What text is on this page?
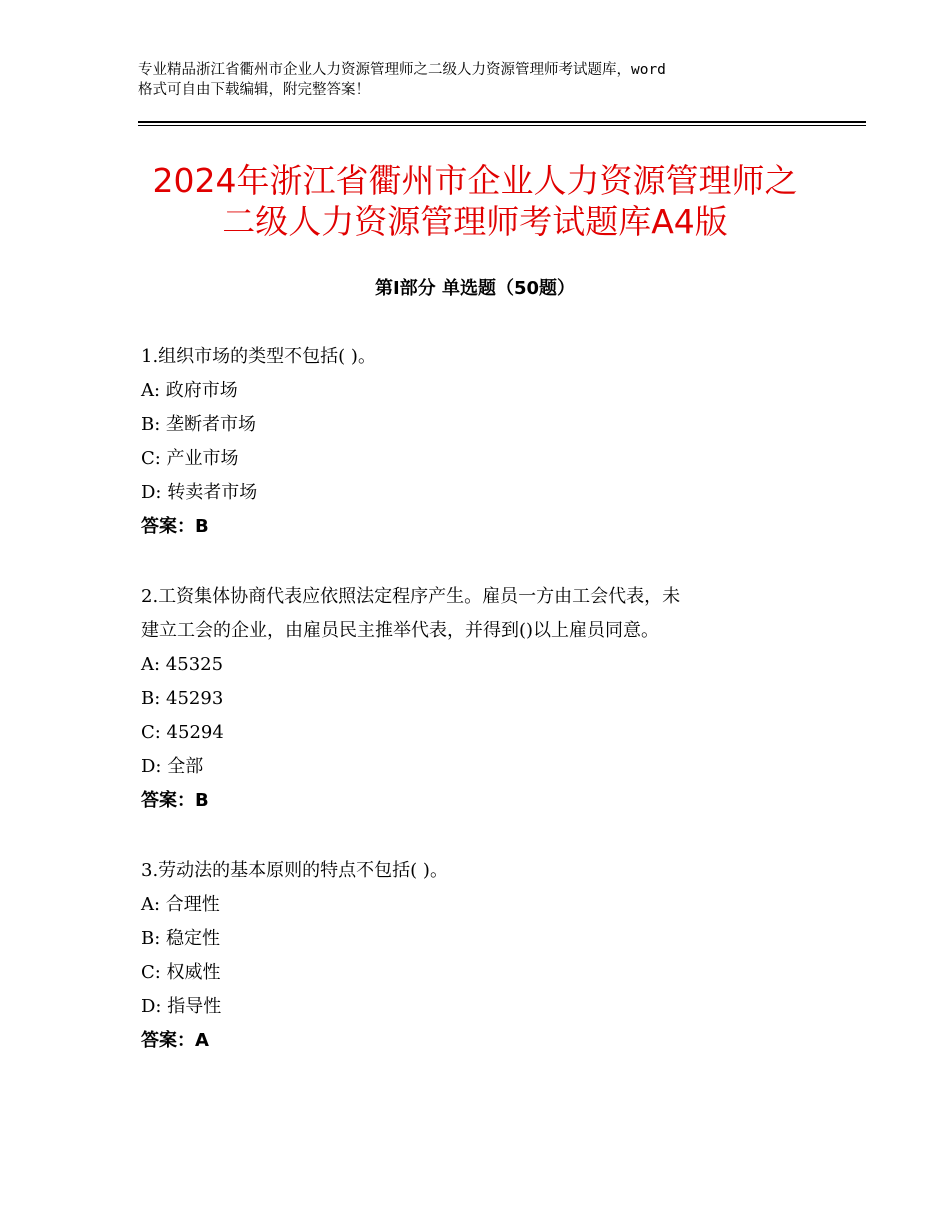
专业精品浙江省衢州市企业人力资源管理师之二级人力资源管理师考试题库，word
格式可自由下载编辑，附完整答案！
2024年浙江省衢州市企业人力资源管理师之
二级人力资源管理师考试题库A4版
第Ⅰ部分 单选题（50题）
1.组织市场的类型不包括( )。
A: 政府市场
B: 垄断者市场
C: 产业市场
D: 转卖者市场
答案：B
2.工资集体协商代表应依照法定程序产生。雇员一方由工会代表，未
建立工会的企业，由雇员民主推举代表，并得到()以上雇员同意。
A: 45325
B: 45293
C: 45294
D: 全部
答案：B
3.劳动法的基本原则的特点不包括( )。
A: 合理性
B: 稳定性
C: 权威性
D: 指导性
答案：A
